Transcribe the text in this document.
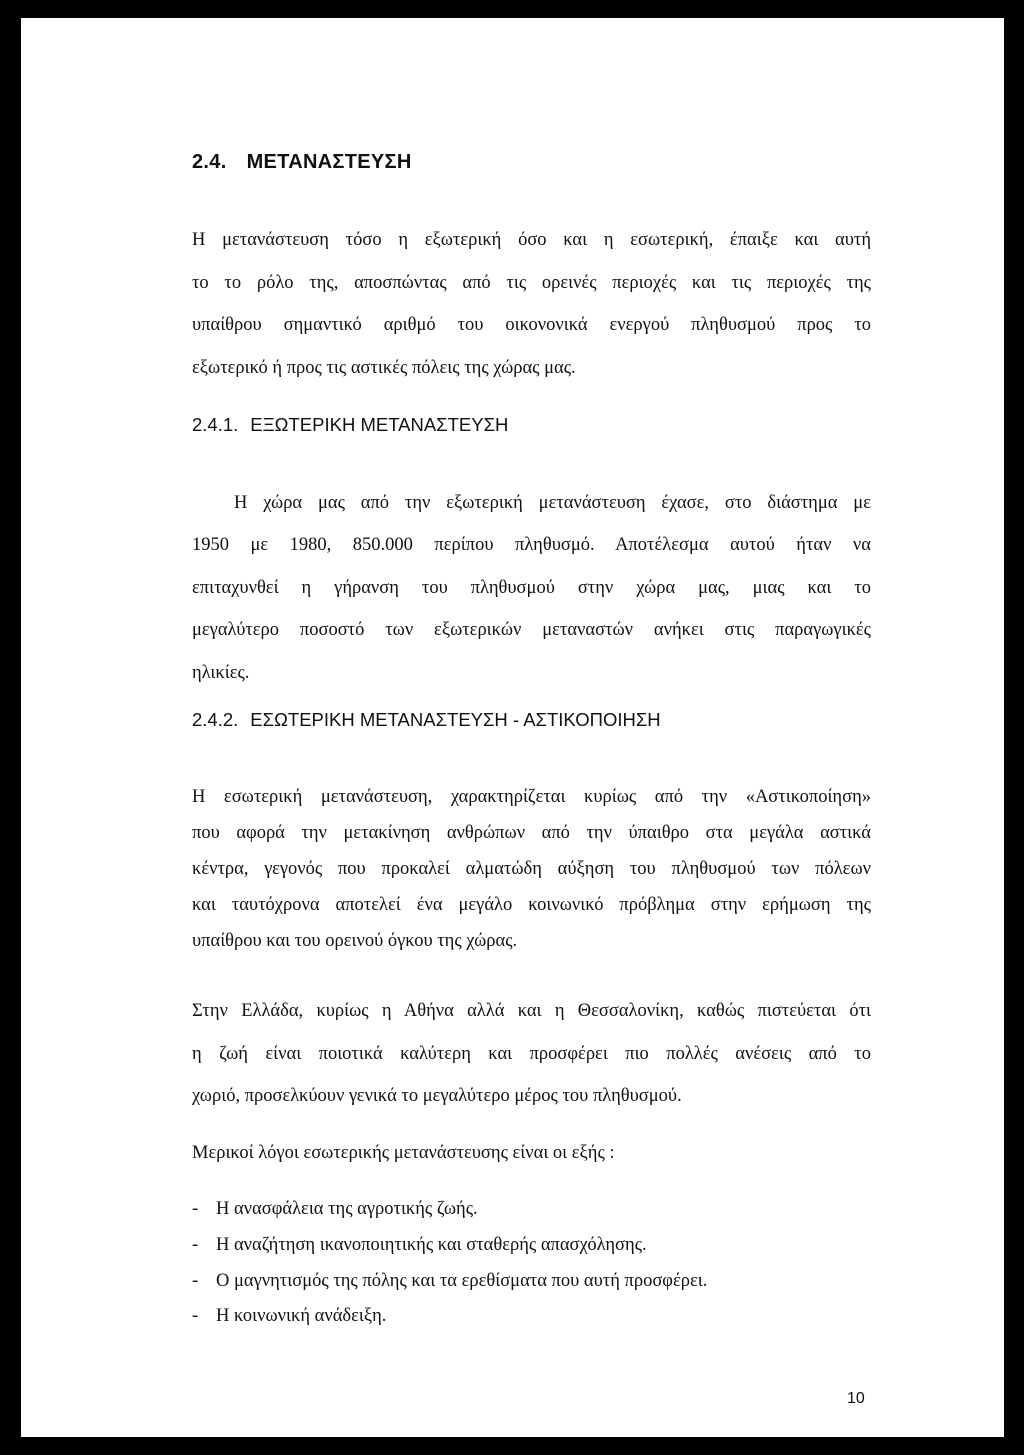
2.4. ΜΕΤΑΝΑΣΤΕΥΣΗ
Η μετανάστευση τόσο η εξωτερική όσο και η εσωτερική, έπαιξε και αυτή
το το ρόλο της, αποσπώντας από τις ορεινές περιοχές και τις περιοχές της
υπαίθρου σημαντικό αριθμό του οικονονικά ενεργού πληθυσμού προς το
εξωτερικό ή προς τις αστικές πόλεις της χώρας μας.
2.4.1. ΕΞΩΤΕΡΙΚΗ ΜΕΤΑΝΑΣΤΕΥΣΗ
Η χώρα μας από την εξωτερική μετανάστευση έχασε, στο διάστημα με
1950 με 1980, 850.000 περίπου πληθυσμό. Αποτέλεσμα αυτού ήταν να
επιταχυνθεί η γήρανση του πληθυσμού στην χώρα μας, μιας και το
μεγαλύτερο ποσοστό των εξωτερικών μεταναστών ανήκει στις παραγωγικές
ηλικίες.
2.4.2. ΕΣΩΤΕΡΙΚΗ ΜΕΤΑΝΑΣΤΕΥΣΗ - ΑΣΤΙΚΟΠΟΙΗΣΗ
Η εσωτερική μετανάστευση, χαρακτηρίζεται κυρίως από την «Αστικοποίηση»
που αφορά την μετακίνηση ανθρώπων από την ύπαιθρο στα μεγάλα αστικά
κέντρα, γεγονός που προκαλεί αλματώδη αύξηση του πληθυσμού των πόλεων
και ταυτόχρονα αποτελεί ένα μεγάλο κοινωνικό πρόβλημα στην ερήμωση της
υπαίθρου και του ορεινού όγκου της χώρας.
Στην Ελλάδα, κυρίως η Αθήνα αλλά και η Θεσσαλονίκη, καθώς πιστεύεται ότι
η ζωή είναι ποιοτικά καλύτερη και προσφέρει πιο πολλές ανέσεις από το
χωριό, προσελκύουν γενικά το μεγαλύτερο μέρος του πληθυσμού.
Μερικοί λόγοι εσωτερικής μετανάστευσης είναι οι εξής :
- Η ανασφάλεια της αγροτικής ζωής.
- Η αναζήτηση ικανοποιητικής και σταθερής απασχόλησης.
- Ο μαγνητισμός της πόλης και τα ερεθίσματα που αυτή προσφέρει.
- Η κοινωνική ανάδειξη.
10
